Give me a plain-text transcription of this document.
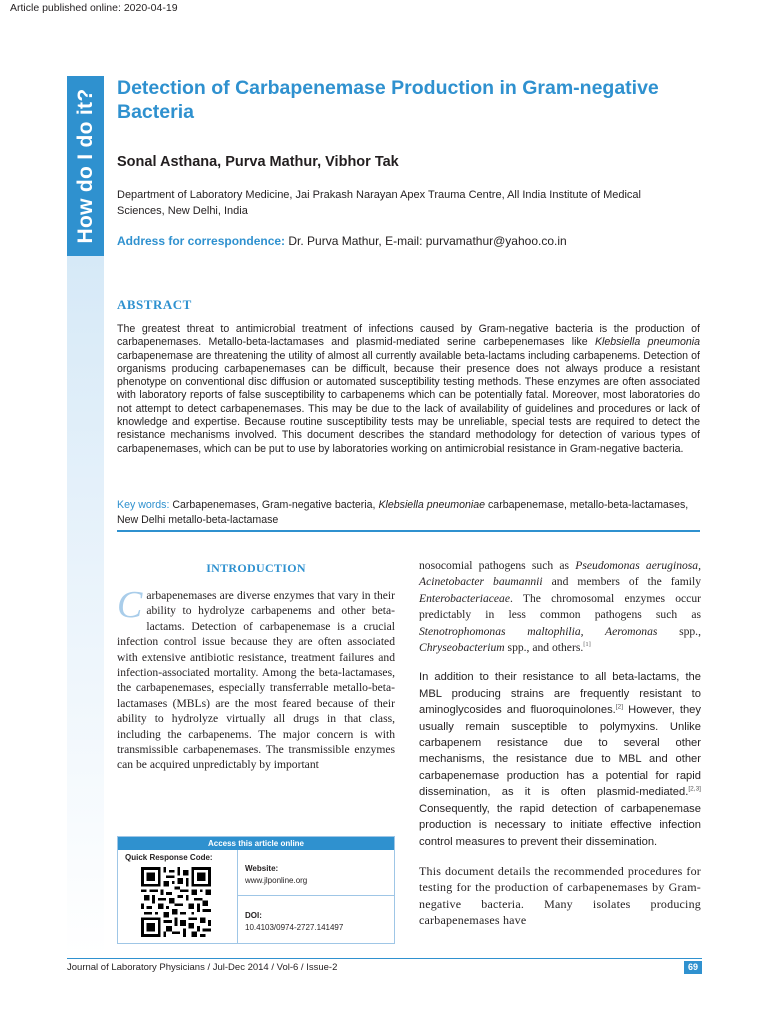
Article published online: 2020-04-19
How do I do it?
Detection of Carbapenemase Production in Gram-negative Bacteria
Sonal Asthana, Purva Mathur, Vibhor Tak
Department of Laboratory Medicine, Jai Prakash Narayan Apex Trauma Centre, All India Institute of Medical Sciences, New Delhi, India
Address for correspondence: Dr. Purva Mathur, E-mail: purvamathur@yahoo.co.in
ABSTRACT
The greatest threat to antimicrobial treatment of infections caused by Gram-negative bacteria is the production of carbapenemases. Metallo-beta-lactamases and plasmid-mediated serine carbepenemases like Klebsiella pneumonia carbapenemase are threatening the utility of almost all currently available beta-lactams including carbapenems. Detection of organisms producing carbapenemases can be difficult, because their presence does not always produce a resistant phenotype on conventional disc diffusion or automated susceptibility testing methods. These enzymes are often associated with laboratory reports of false susceptibility to carbapenems which can be potentially fatal. Moreover, most laboratories do not attempt to detect carbapenemases. This may be due to the lack of availability of guidelines and procedures or lack of knowledge and expertise. Because routine susceptibility tests may be unreliable, special tests are required to detect the resistance mechanisms involved. This document describes the standard methodology for detection of various types of carbapenemases, which can be put to use by laboratories working on antimicrobial resistance in Gram-negative bacteria.
Key words: Carbapenemases, Gram-negative bacteria, Klebsiella pneumoniae carbapenemase, metallo-beta-lactamases, New Delhi metallo-beta-lactamase
INTRODUCTION
Carbapenemases are diverse enzymes that vary in their ability to hydrolyze carbapenems and other beta-lactams. Detection of carbapenemase is a crucial infection control issue because they are often associated with extensive antibiotic resistance, treatment failures and infection-associated mortality. Among the beta-lactamases, the carbapenemases, especially transferrable metallo-beta-lactamases (MBLs) are the most feared because of their ability to hydrolyze virtually all drugs in that class, including the carbapenems. The major concern is with transmissible carbapenemases. The transmissible enzymes can be acquired unpredictably by important

nosocomial pathogens such as Pseudomonas aeruginosa, Acinetobacter baumannii and members of the family Enterobacteriaceae. The chromosomal enzymes occur predictably in less common pathogens such as Stenotrophomonas maltophilia, Aeromonas spp., Chryseobacterium spp., and others.[1]

In addition to their resistance to all beta-lactams, the MBL producing strains are frequently resistant to aminoglycosides and fluoroquinolones.[2] However, they usually remain susceptible to polymyxins. Unlike carbapenem resistance due to several other mechanisms, the resistance due to MBL and other carbapenemase production has a potential for rapid dissemination, as it is often plasmid-mediated.[2,3] Consequently, the rapid detection of carbapenemase production is necessary to initiate effective infection control measures to prevent their dissemination.

This document details the recommended procedures for testing for the production of carbapenemases by Gram-negative bacteria. Many isolates producing carbapenemases have

Access this article online
Quick Response Code:
Website:
www.jlponline.org
DOI:
10.4103/0974-2727.141497
Journal of Laboratory Physicians / Jul-Dec 2014 / Vol-6 / Issue-2	69
